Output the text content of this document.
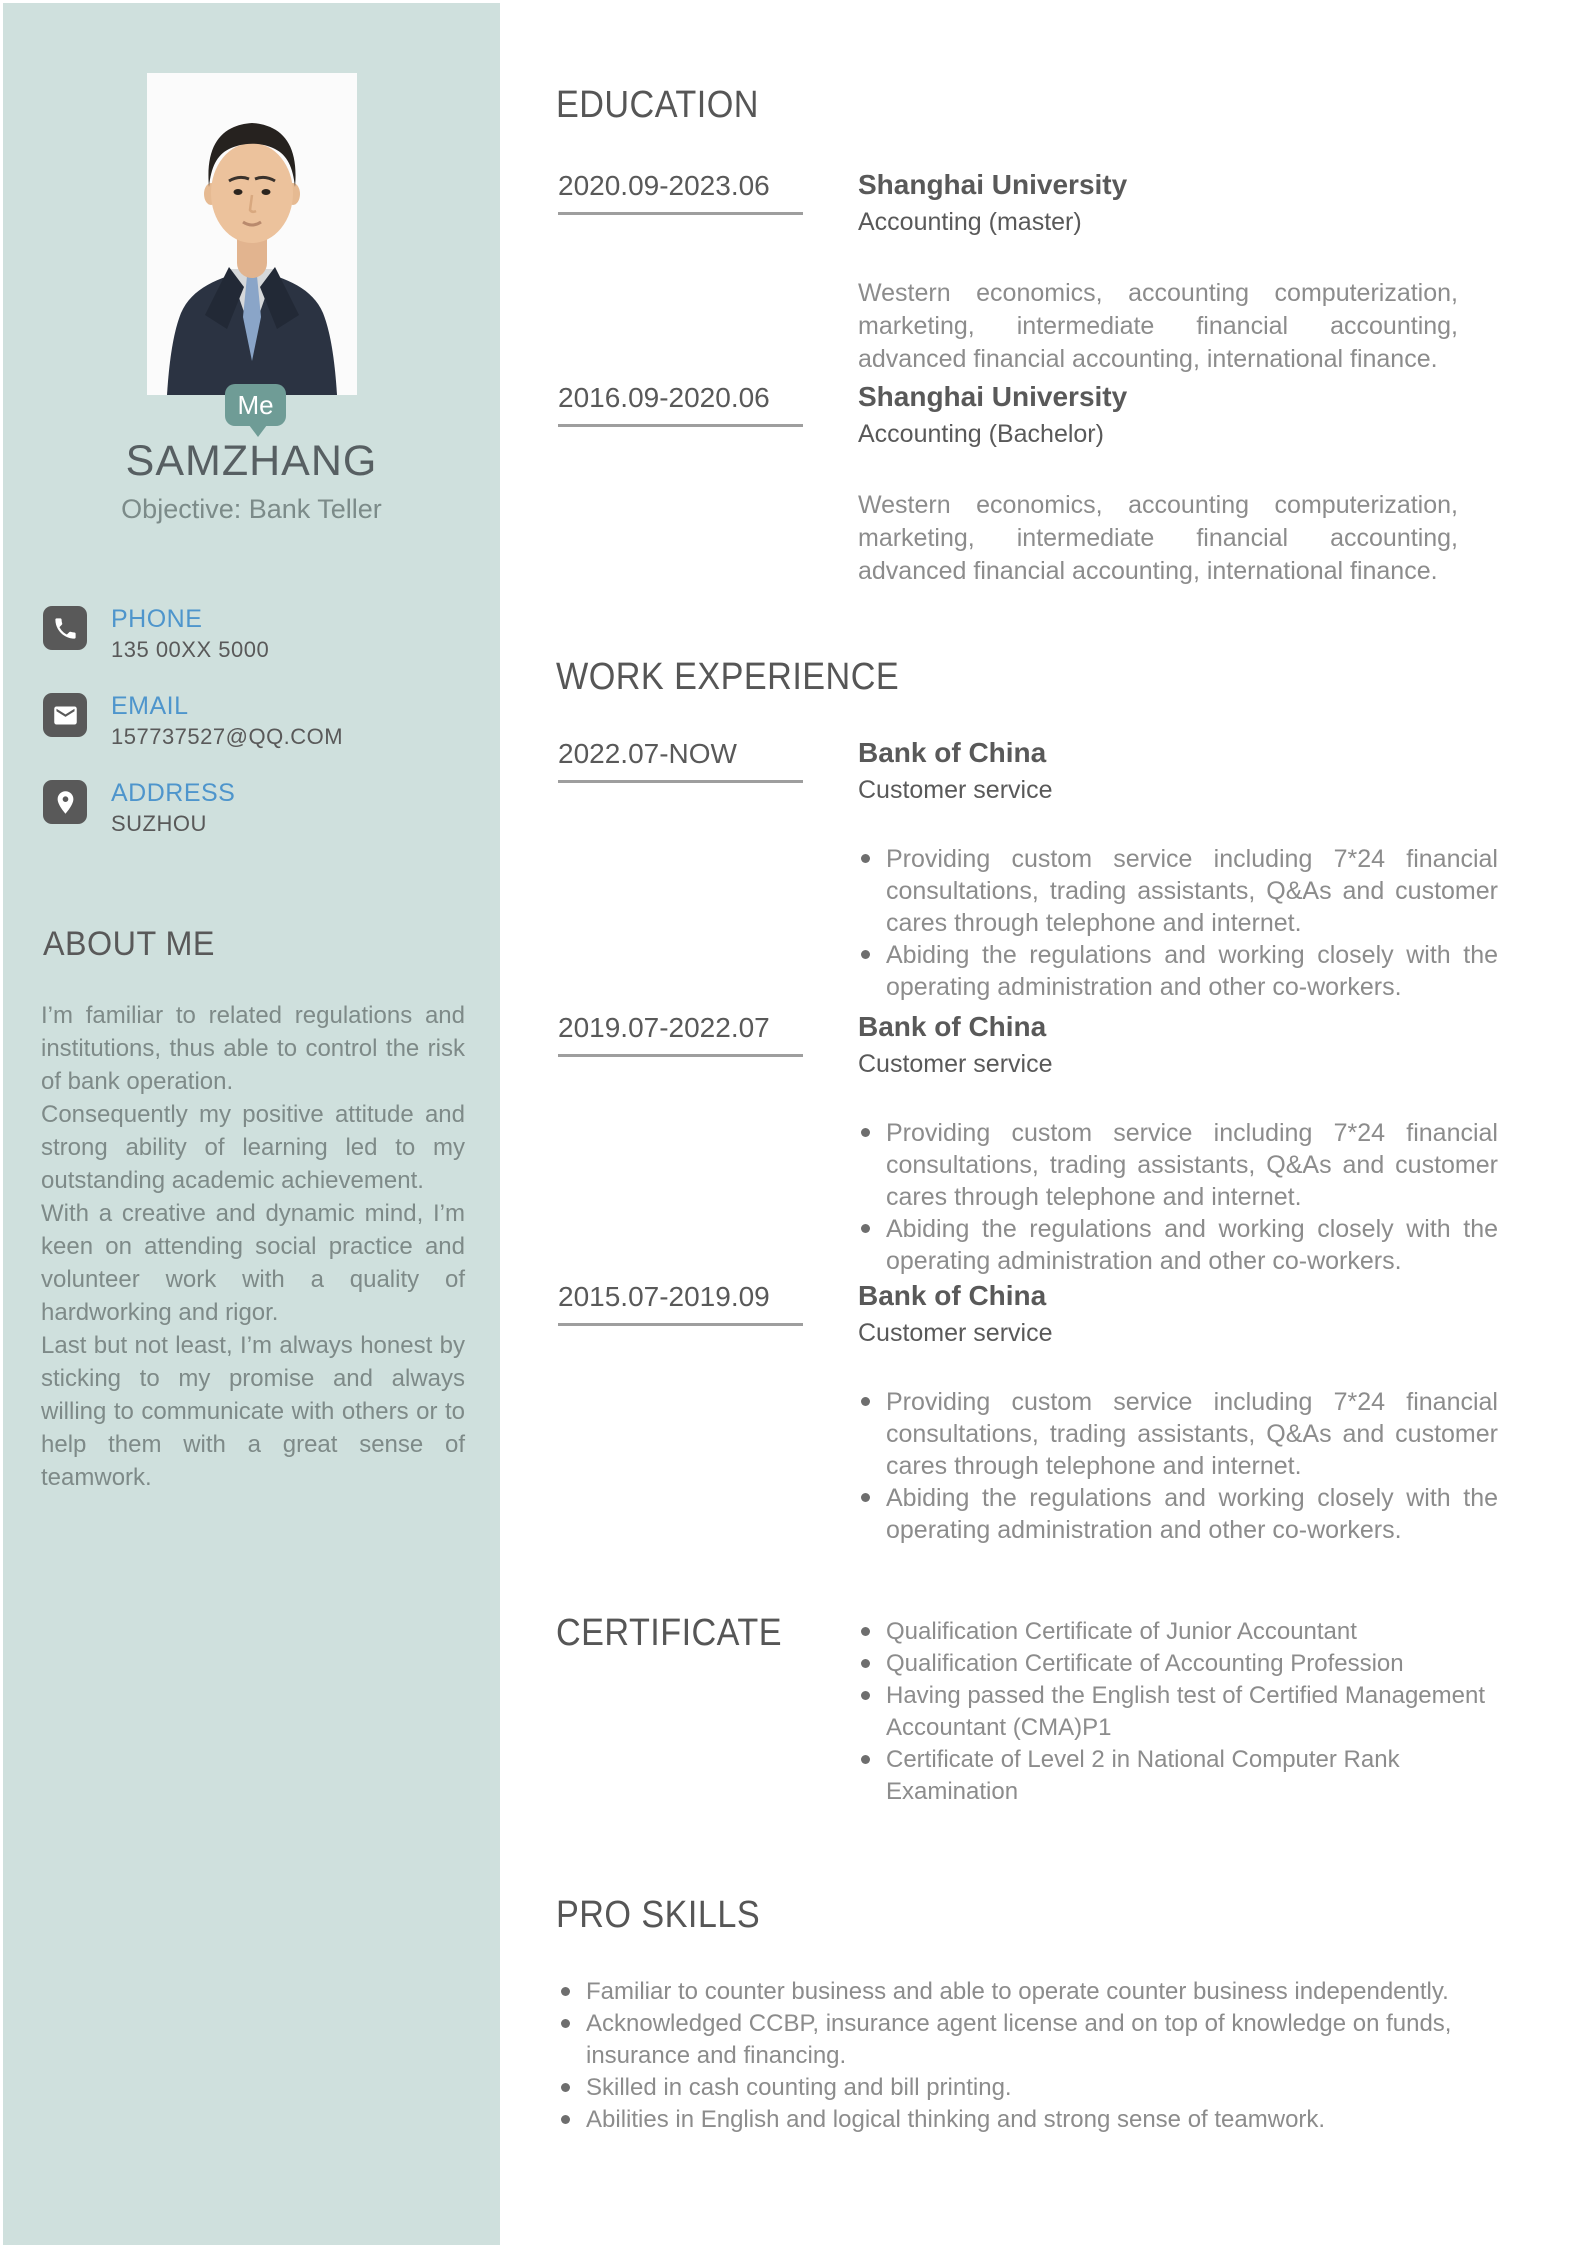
Me
SAMZHANG
Objective: Bank Teller
PHONE
135 00XX 5000
EMAIL
157737527@QQ.COM
ADDRESS
SUZHOU
ABOUT ME

I’m familiar to related regulations and institutions, thus able to control the risk of bank operation.

Consequently my positive attitude and strong ability of learning led to my outstanding academic achievement.

With a creative and dynamic mind, I’m keen on attending social practice and volunteer work with a quality of hardworking and rigor.

Last but not least, I’m always honest by sticking to my promise and always willing to communicate with others or to help them with a great sense of teamwork.

EDUCATION
2020.09-2023.06	Shanghai University
Accounting (master)

Western economics, accounting computerization, marketing, intermediate financial accounting, advanced financial accounting, international finance.

2016.09-2020.06	Shanghai University
Accounting (Bachelor)

Western economics, accounting computerization, marketing, intermediate financial accounting, advanced financial accounting, international finance.

WORK EXPERIENCE
2022.07-NOW	Bank of China
Customer service
Providing custom service including 7*24 financial consultations, trading assistants, Q&As and customer cares through telephone and internet.
Abiding the regulations and working closely with the operating administration and other co-workers.
2019.07-2022.07	Bank of China
Customer service
Providing custom service including 7*24 financial consultations, trading assistants, Q&As and customer cares through telephone and internet.
Abiding the regulations and working closely with the operating administration and other co-workers.
2015.07-2019.09	Bank of China
Customer service
Providing custom service including 7*24 financial consultations, trading assistants, Q&As and customer cares through telephone and internet.
Abiding the regulations and working closely with the operating administration and other co-workers.
CERTIFICATE	Qualification Certificate of Junior Accountant
Qualification Certificate of Accounting Profession
Having passed the English test of Certified Management Accountant (CMA)P1
Certificate of Level 2 in National Computer Rank Examination
PRO SKILLS
Familiar to counter business and able to operate counter business independently.
Acknowledged CCBP, insurance agent license and on top of knowledge on funds, insurance and financing.
Skilled in cash counting and bill printing.
Abilities in English and logical thinking and strong sense of teamwork.
